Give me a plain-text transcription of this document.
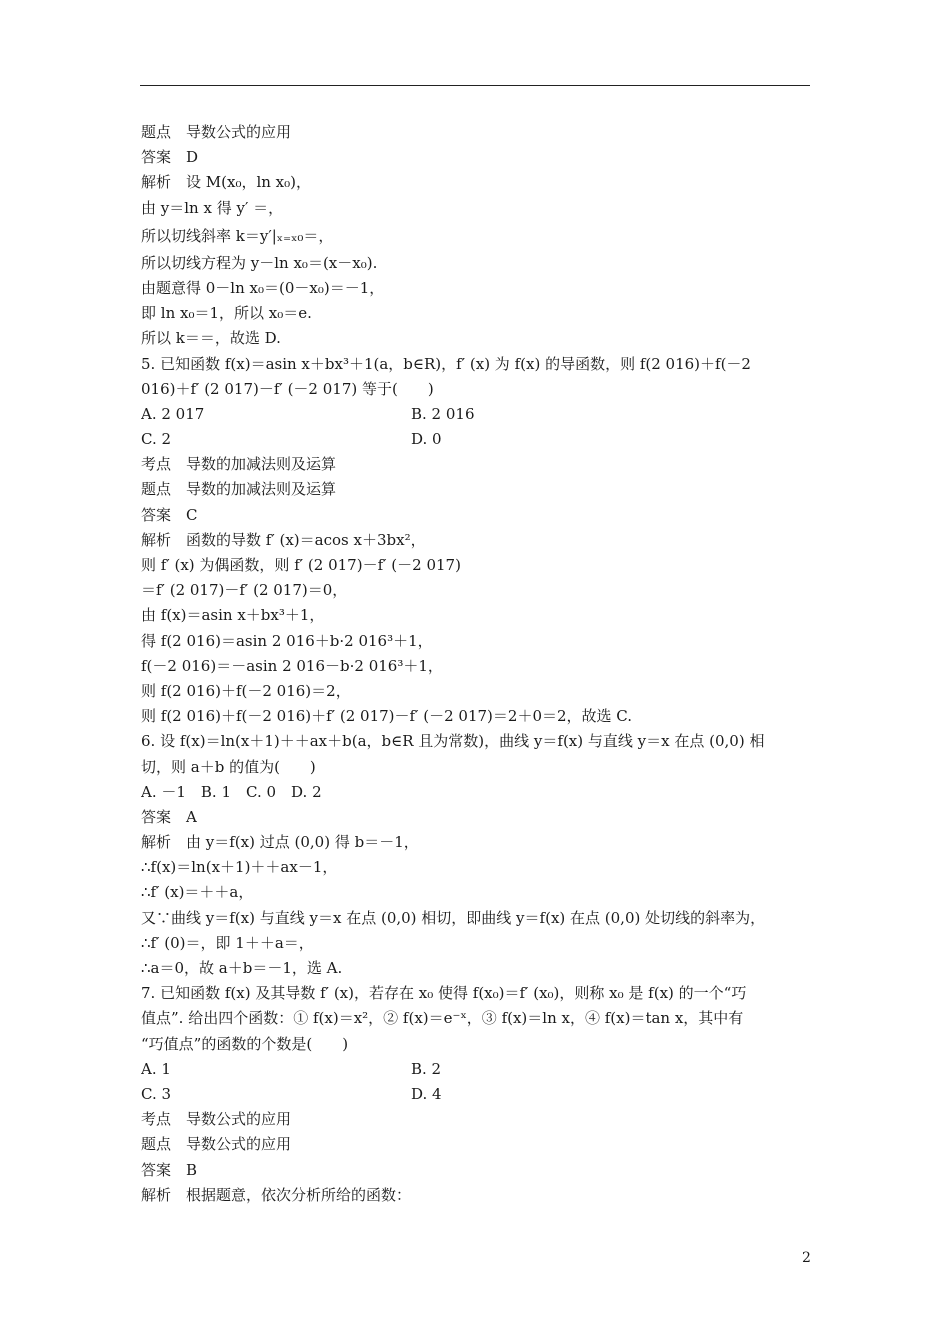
题点　导数公式的应用
答案　D
解析　设 M(x₀，ln x₀)，
由 y＝ln x 得 y′ ＝，
所以切线斜率 k＝y′|ₓ₌ₓ₀＝，
所以切线方程为 y－ln x₀＝(x－x₀).
由题意得 0－ln x₀＝(0－x₀)＝－1，
即 ln x₀＝1，所以 x₀＝e.
所以 k＝＝，故选 D.
5. 已知函数 f(x)＝asin x＋bx³＋1(a，b∈R)，f′ (x) 为 f(x) 的导函数，则 f(2 016)＋f(－2
016)＋f′ (2 017)－f′ (－2 017) 等于(　　)
A. 2 017	B. 2 016
C. 2	D. 0
考点　导数的加减法则及运算
题点　导数的加减法则及运算
答案　C
解析　函数的导数 f′ (x)＝acos x＋3bx²，
则 f′ (x) 为偶函数，则 f′ (2 017)－f′ (－2 017)
＝f′ (2 017)－f′ (2 017)＝0，
由 f(x)＝asin x＋bx³＋1，
得 f(2 016)＝asin 2 016＋b·2 016³＋1，
f(－2 016)＝－asin 2 016－b·2 016³＋1，
则 f(2 016)＋f(－2 016)＝2，
则 f(2 016)＋f(－2 016)＋f′ (2 017)－f′ (－2 017)＝2＋0＝2，故选 C.
6. 设 f(x)＝ln(x＋1)＋＋ax＋b(a，b∈R 且为常数)，曲线 y＝f(x) 与直线 y＝x 在点 (0,0) 相
切，则 a＋b 的值为(　　)
A. －1　B. 1　C. 0　D. 2
答案　A
解析　由 y＝f(x) 过点 (0,0) 得 b＝－1，
∴f(x)＝ln(x＋1)＋＋ax－1，
∴f′ (x)＝＋＋a，
又∵曲线 y＝f(x) 与直线 y＝x 在点 (0,0) 相切，即曲线 y＝f(x) 在点 (0,0) 处切线的斜率为，
∴f′ (0)＝，即 1＋＋a＝，
∴a＝0，故 a＋b＝－1，选 A.
7. 已知函数 f(x) 及其导数 f′ (x)，若存在 x₀ 使得 f(x₀)＝f′ (x₀)，则称 x₀ 是 f(x) 的一个“巧
值点”. 给出四个函数：① f(x)＝x²，② f(x)＝e⁻ˣ，③ f(x)＝ln x，④ f(x)＝tan x，其中有
“巧值点”的函数的个数是(　　)
A. 1	B. 2
C. 3	D. 4
考点　导数公式的应用
题点　导数公式的应用
答案　B
解析　根据题意，依次分析所给的函数：
2
